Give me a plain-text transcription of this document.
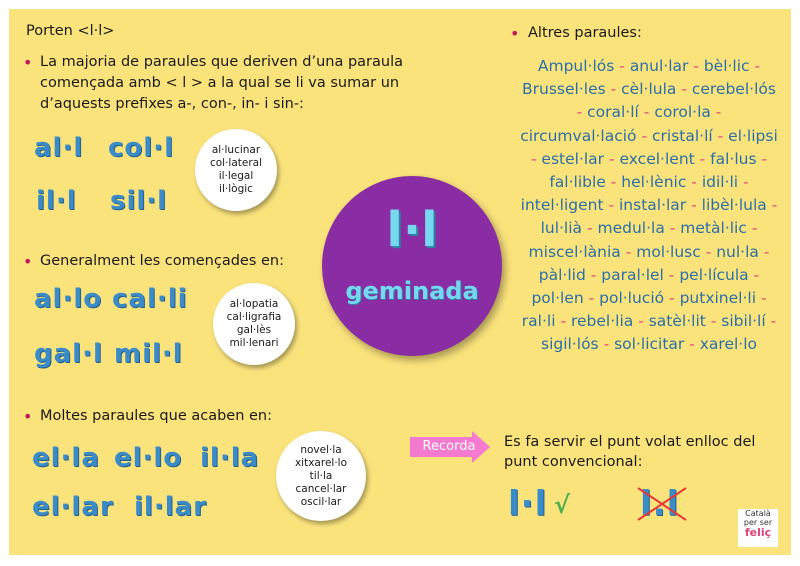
Porten <l·l>
• La majoria de paraules que deriven d’una paraula
començada amb < l > a la qual se li va sumar un
d’aquests prefixes a-, con-, in- i sin-:
al·l col·l
il·l sil·l
al·lucinar
col·lateral
il·legal
il·lògic
• Generalment les començades en:
al·lo cal·li
gal·l mil·l
al·lopatia
cal·ligrafia
gal·lès
mil·lenari
• Moltes paraules que acaben en:
el·la el·lo il·la
el·lar il·lar
novel·la
xitxarel·lo
til·la
cancel·lar
oscil·lar
l·l
geminada
• Altres paraules:
Ampul·lós - anul·lar - bèl·lic - Brussel·les - cèl·lula - cerebel·lós - coral·lí - corol·la - circumval·lació - cristal·lí - el·lipsi - estel·lar - excel·lent - fal·lus - fal·lible - hel·lènic - idil·li - intel·ligent - instal·lar - libèl·lula - lul·lià - medul·la - metàl·lic - miscel·lània - mol·lusc - nul·la - pàl·lid - paral·lel - pel·lícula - pol·len - pol·lució - putxinel·li - ral·li - rebel·lia - satèl·lit - sibil·lí - sigil·lós - sol·licitar - xarel·lo
Recorda Es fa servir el punt volat enlloc del
punt convencional:
l·l √ l.l	Català
per ser
feliç
